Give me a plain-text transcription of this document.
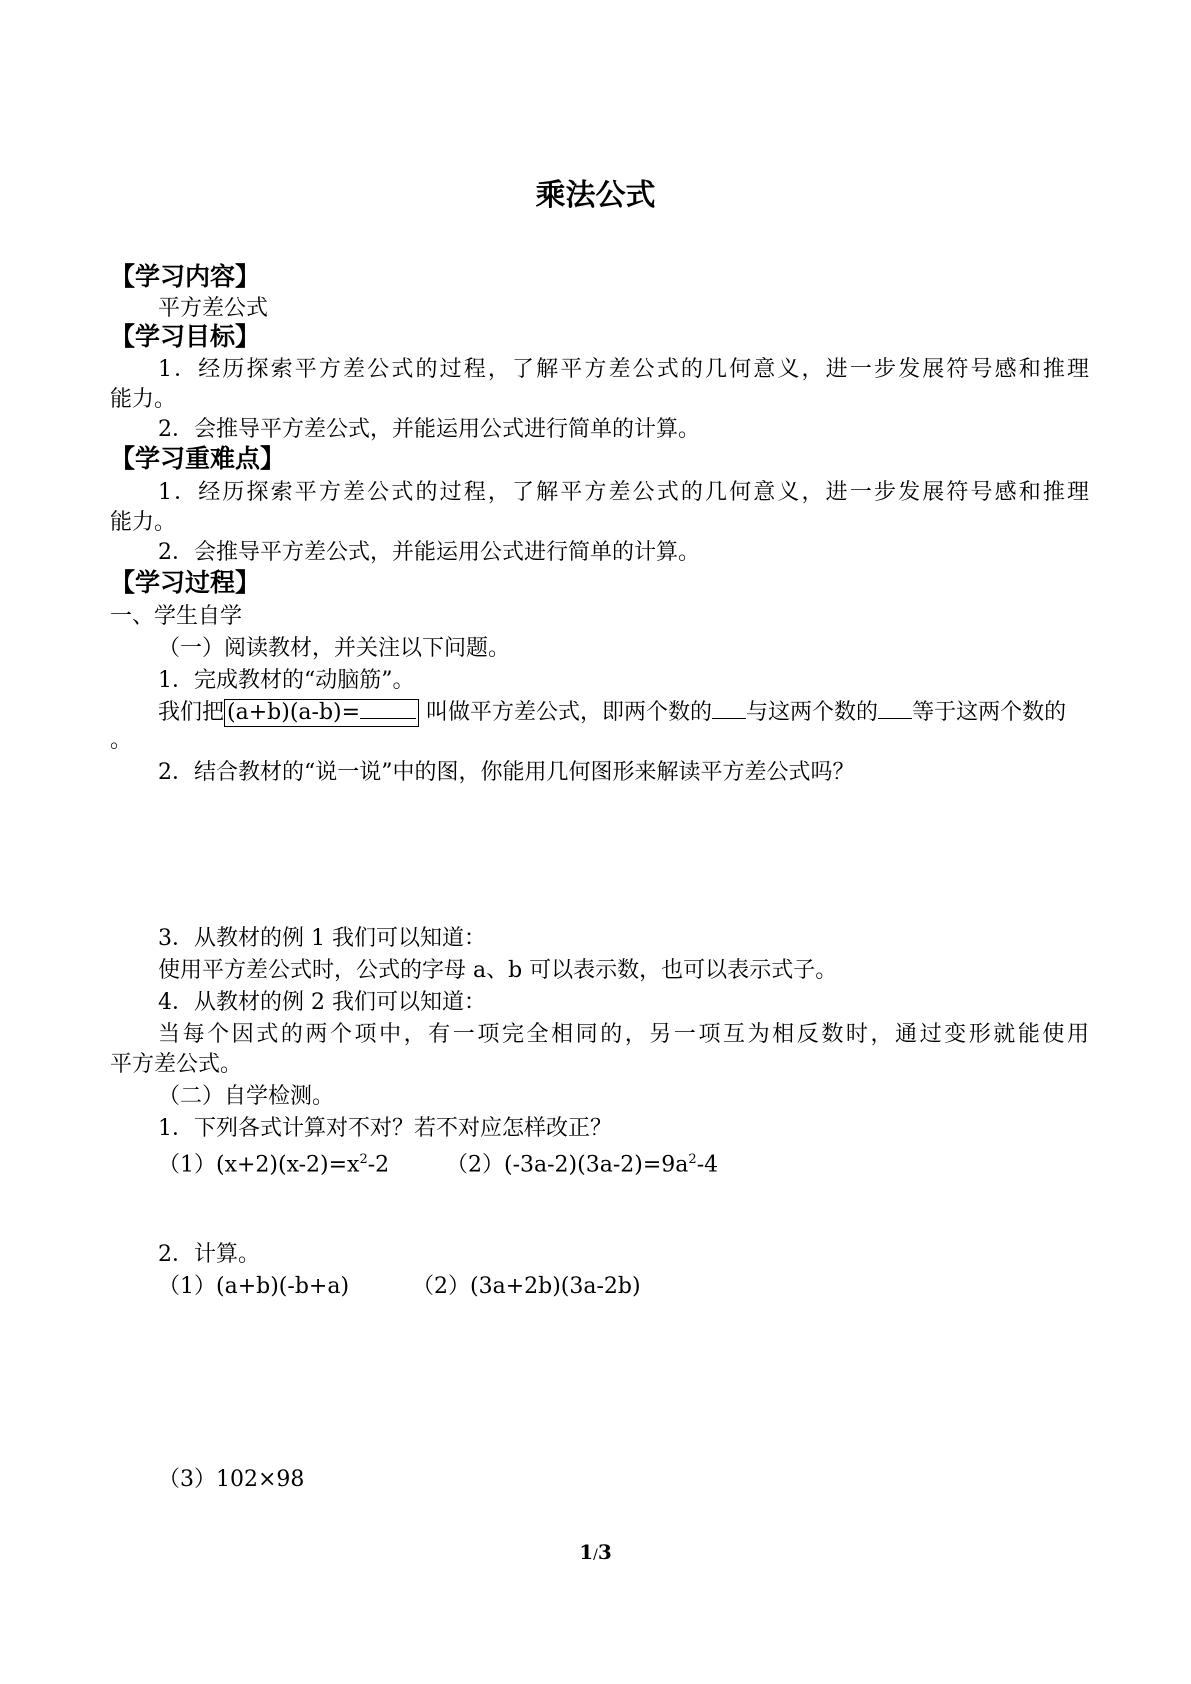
乘法公式
【学习内容】
平方差公式
【学习目标】
1．经历探索平方差公式的过程，了解平方差公式的几何意义，进一步发展符号感和推理
能力。
2．会推导平方差公式，并能运用公式进行简单的计算。
【学习重难点】
1．经历探索平方差公式的过程，了解平方差公式的几何意义，进一步发展符号感和推理
能力。
2．会推导平方差公式，并能运用公式进行简单的计算。
【学习过程】
一、学生自学
（一）阅读教材，并关注以下问题。
1．完成教材的“动脑筋”。
我们把 (a+b)(a-b)=	叫做平方差公式，即两个数的 与这两个数的 等于这两个数的
。
2．结合教材的“说一说”中的图，你能用几何图形来解读平方差公式吗？
3．从教材的例 1 我们可以知道：
使用平方差公式时，公式的字母 a、b 可以表示数，也可以表示式子。
4．从教材的例 2 我们可以知道：
当每个因式的两个项中，有一项完全相同的，另一项互为相反数时，通过变形就能使用
平方差公式。
（二）自学检测。
1．下列各式计算对不对？若不对应怎样改正？
$(1)(x+2)(x-2)=x^2-2$	$(2)(-3a-2)(3a-2)=9a^2-4$
2．计算。
（1）(a+b)(-b+a)	（2）(3a+2b)(3a-2b)
（3）102×98
1/3
